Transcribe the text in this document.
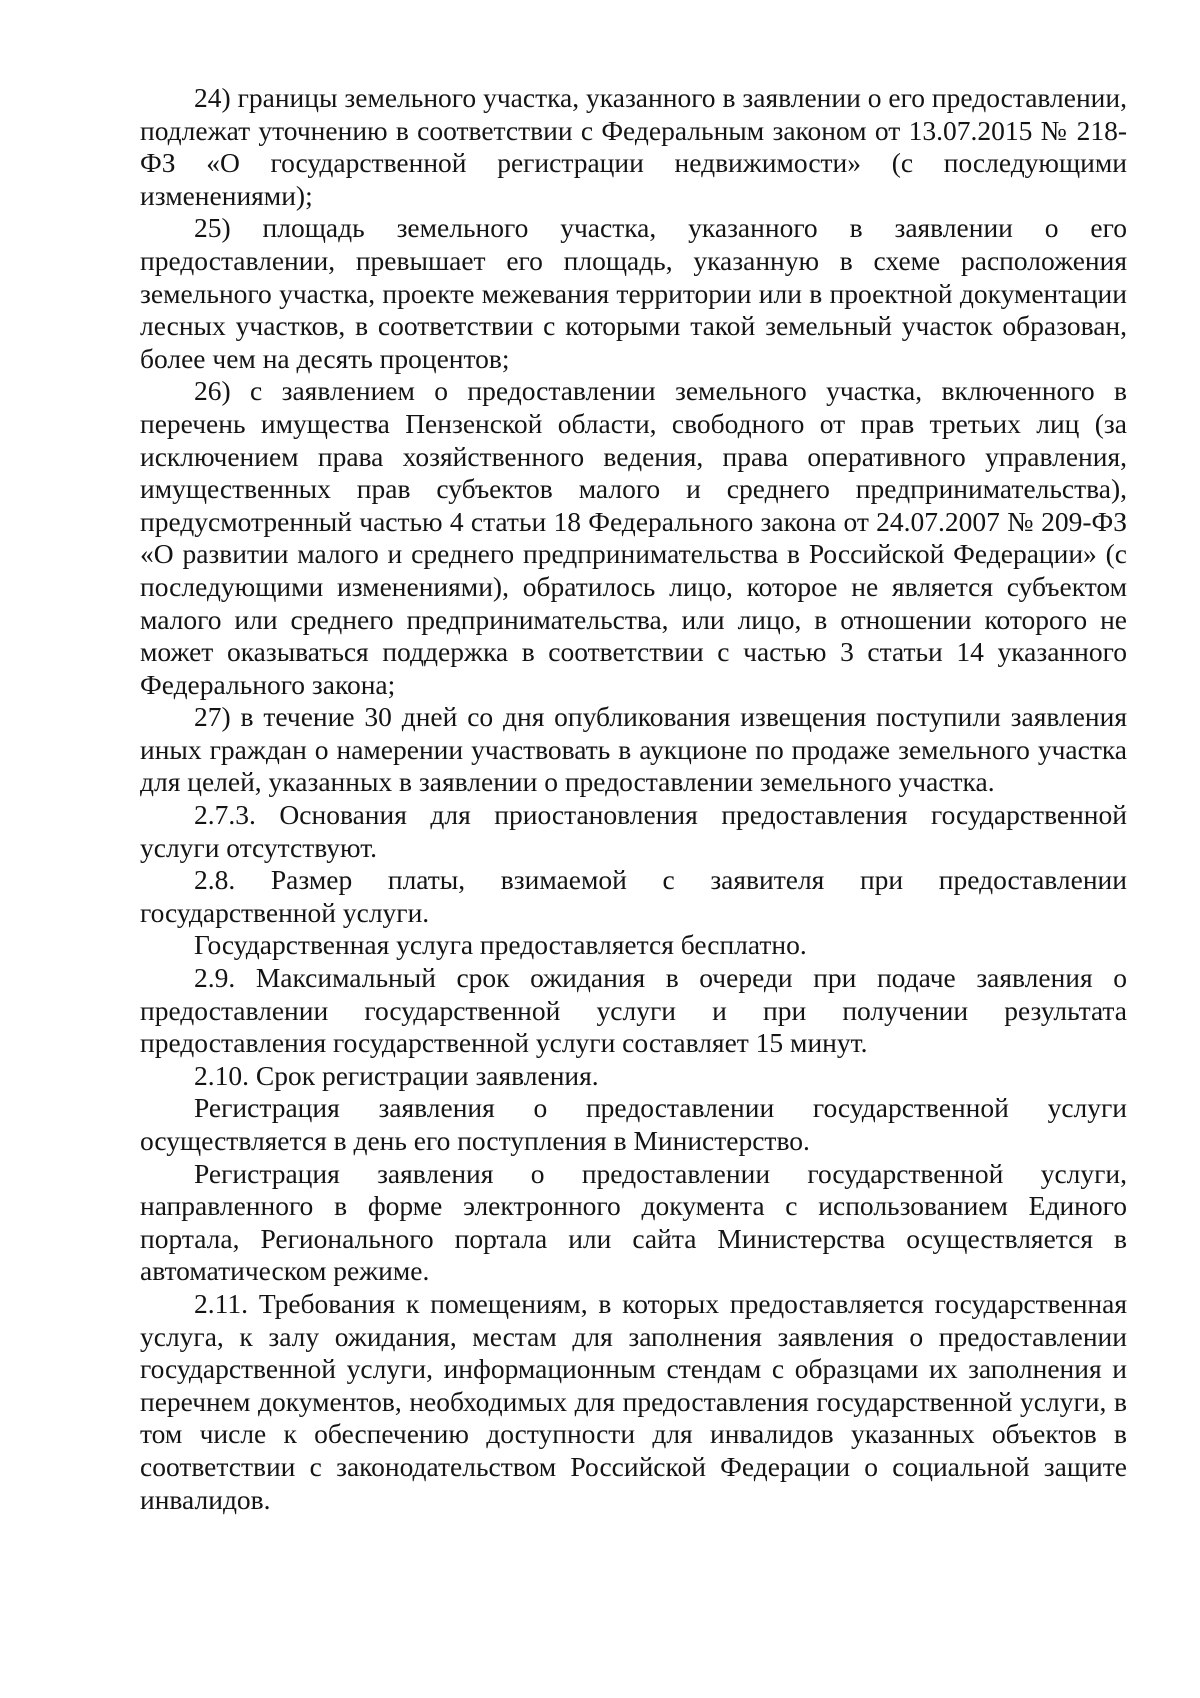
24) границы земельного участка, указанного в заявлении о его предоставлении, подлежат уточнению в соответствии с Федеральным законом от 13.07.2015 № 218-ФЗ «О государственной регистрации недвижимости» (с последующими изменениями);

25) площадь земельного участка, указанного в заявлении о его предоставлении, превышает его площадь, указанную в схеме расположения земельного участка, проекте межевания территории или в проектной документации лесных участков, в соответствии с которыми такой земельный участок образован, более чем на десять процентов;

26) с заявлением о предоставлении земельного участка, включенного в перечень имущества Пензенской области, свободного от прав третьих лиц (за исключением права хозяйственного ведения, права оперативного управления, имущественных прав субъектов малого и среднего предпринимательства), предусмотренный частью 4 статьи 18 Федерального закона от 24.07.2007 № 209-ФЗ «О развитии малого и среднего предпринимательства в Российской Федерации» (с последующими изменениями), обратилось лицо, которое не является субъектом малого или среднего предпринимательства, или лицо, в отношении которого не может оказываться поддержка в соответствии с частью 3 статьи 14 указанного Федерального закона;

27) в течение 30 дней со дня опубликования извещения поступили заявления иных граждан о намерении участвовать в аукционе по продаже земельного участка для целей, указанных в заявлении о предоставлении земельного участка.

2.7.3. Основания для приостановления предоставления государственной услуги отсутствуют.

2.8. Размер платы, взимаемой с заявителя при предоставлении государственной услуги.

Государственная услуга предоставляется бесплатно.

2.9. Максимальный срок ожидания в очереди при подаче заявления о предоставлении государственной услуги и при получении результата предоставления государственной услуги составляет 15 минут.

2.10. Срок регистрации заявления.

Регистрация заявления о предоставлении государственной услуги осуществляется в день его поступления в Министерство.

Регистрация заявления о предоставлении государственной услуги, направленного в форме электронного документа с использованием Единого портала, Регионального портала или сайта Министерства осуществляется в автоматическом режиме.

2.11. Требования к помещениям, в которых предоставляется государственная услуга, к залу ожидания, местам для заполнения заявления о предоставлении государственной услуги, информационным стендам с образцами их заполнения и перечнем документов, необходимых для предоставления государственной услуги, в том числе к обеспечению доступности для инвалидов указанных объектов в соответствии с законодательством Российской Федерации о социальной защите инвалидов.
